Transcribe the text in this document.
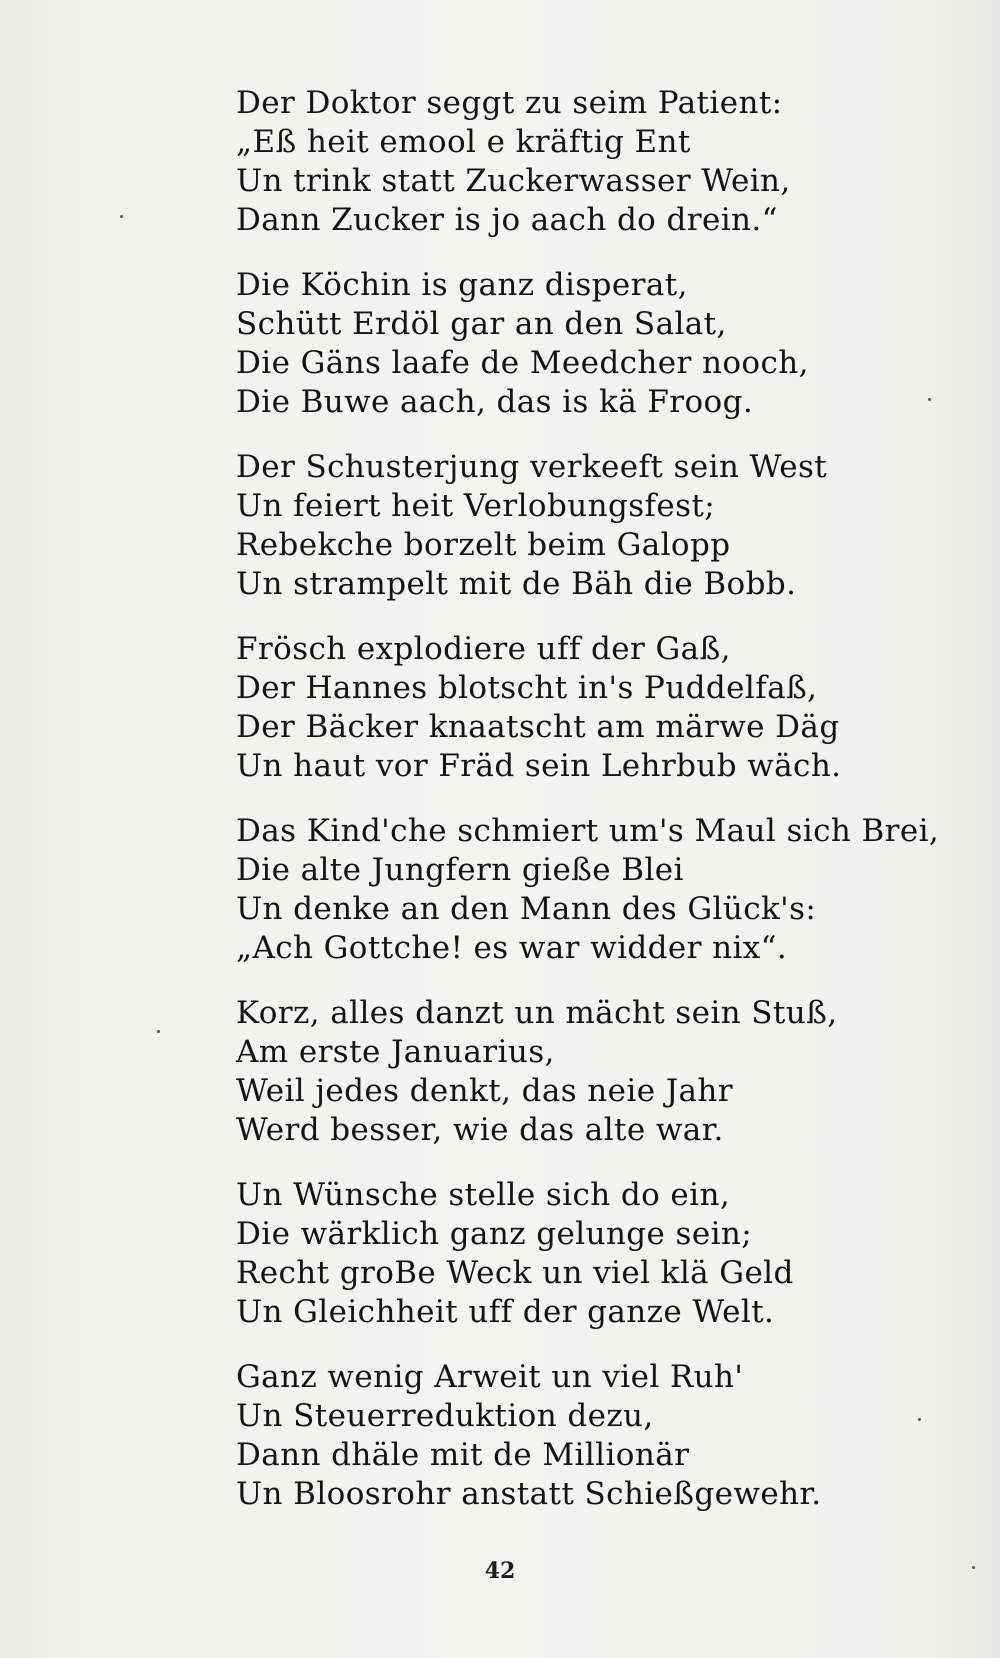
Der Doktor seggt zu seim Patient:
„Eß heit emool e kräftig Ent
Un trink statt Zuckerwasser Wein,
Dann Zucker is jo aach do drein.“
Die Köchin is ganz disperat,
Schütt Erdöl gar an den Salat,
Die Gäns laafe de Meedcher nooch,
Die Buwe aach, das is kä Froog.
Der Schusterjung verkeeft sein West
Un feiert heit Verlobungsfest;
Rebekche borzelt beim Galopp
Un strampelt mit de Bäh die Bobb.
Frösch explodiere uff der Gaß,
Der Hannes blotscht in's Puddelfaß,
Der Bäcker knaatscht am märwe Däg
Un haut vor Fräd sein Lehrbub wäch.
Das Kind'che schmiert um's Maul sich Brei,
Die alte Jungfern gieße Blei
Un denke an den Mann des Glück's:
„Ach Gottche! es war widder nix“.
Korz, alles danzt un mächt sein Stuß,
Am erste Januarius,
Weil jedes denkt, das neie Jahr
Werd besser, wie das alte war.
Un Wünsche stelle sich do ein,
Die wärklich ganz gelunge sein;
Recht groBe Weck un viel klä Geld
Un Gleichheit uff der ganze Welt.
Ganz wenig Arweit un viel Ruh'
Un Steuerreduktion dezu,
Dann dhäle mit de Millionär
Un Bloosrohr anstatt Schießgewehr.
42
